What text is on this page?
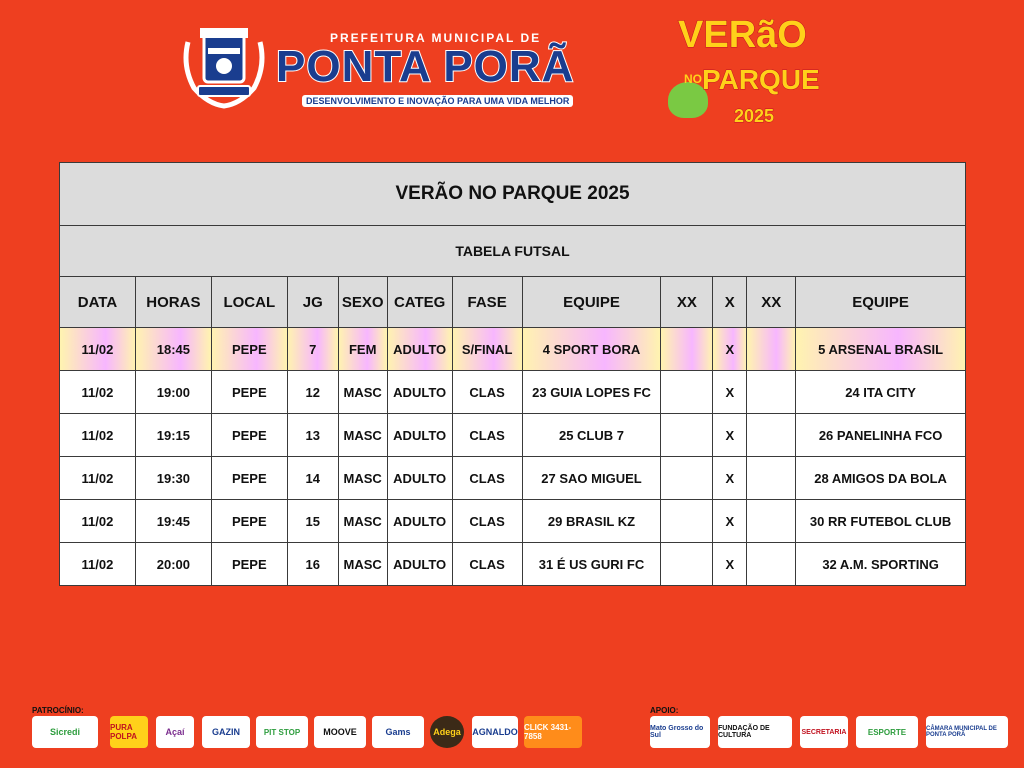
PREFEITURA MUNICIPAL DE
PONTA PORÃ
DESENVOLVIMENTO E INOVAÇÃO PARA UMA VIDA MELHOR
VERãO
NO PARQUE
2025
VERÃO NO PARQUE 2025											
TABELA FUTSAL											
DATA	HORAS	LOCAL	JG	SEXO	CATEG	FASE	EQUIPE	XX	X	XX	EQUIPE
11/02	18:45	PEPE	7	FEM	ADULTO	S/FINAL	4 SPORT BORA		X		5 ARSENAL BRASIL
11/02	19:00	PEPE	12	MASC	ADULTO	CLAS	23 GUIA LOPES FC		X		24 ITA CITY
11/02	19:15	PEPE	13	MASC	ADULTO	CLAS	25 CLUB 7		X		26 PANELINHA FCO
11/02	19:30	PEPE	14	MASC	ADULTO	CLAS	27 SAO MIGUEL		X		28 AMIGOS DA BOLA
11/02	19:45	PEPE	15	MASC	ADULTO	CLAS	29 BRASIL KZ		X		30 RR FUTEBOL CLUB
11/02	20:00	PEPE	16	MASC	ADULTO	CLAS	31 É US GURI FC		X		32 A.M. SPORTING
PATROCÍNIO:	APOIO:
Sicredi	PURA POLPA	Açaí	GAZIN	PIT STOP	MOOVE	Gams	Adega	AGNALDO CLICK 3431-7858
Mato Grosso do Sul
FUNDAÇÃO DE CULTURA	SECRETARIA	ESPORTE	CÂMARA MUNICIPAL DE PONTA PORÃ
